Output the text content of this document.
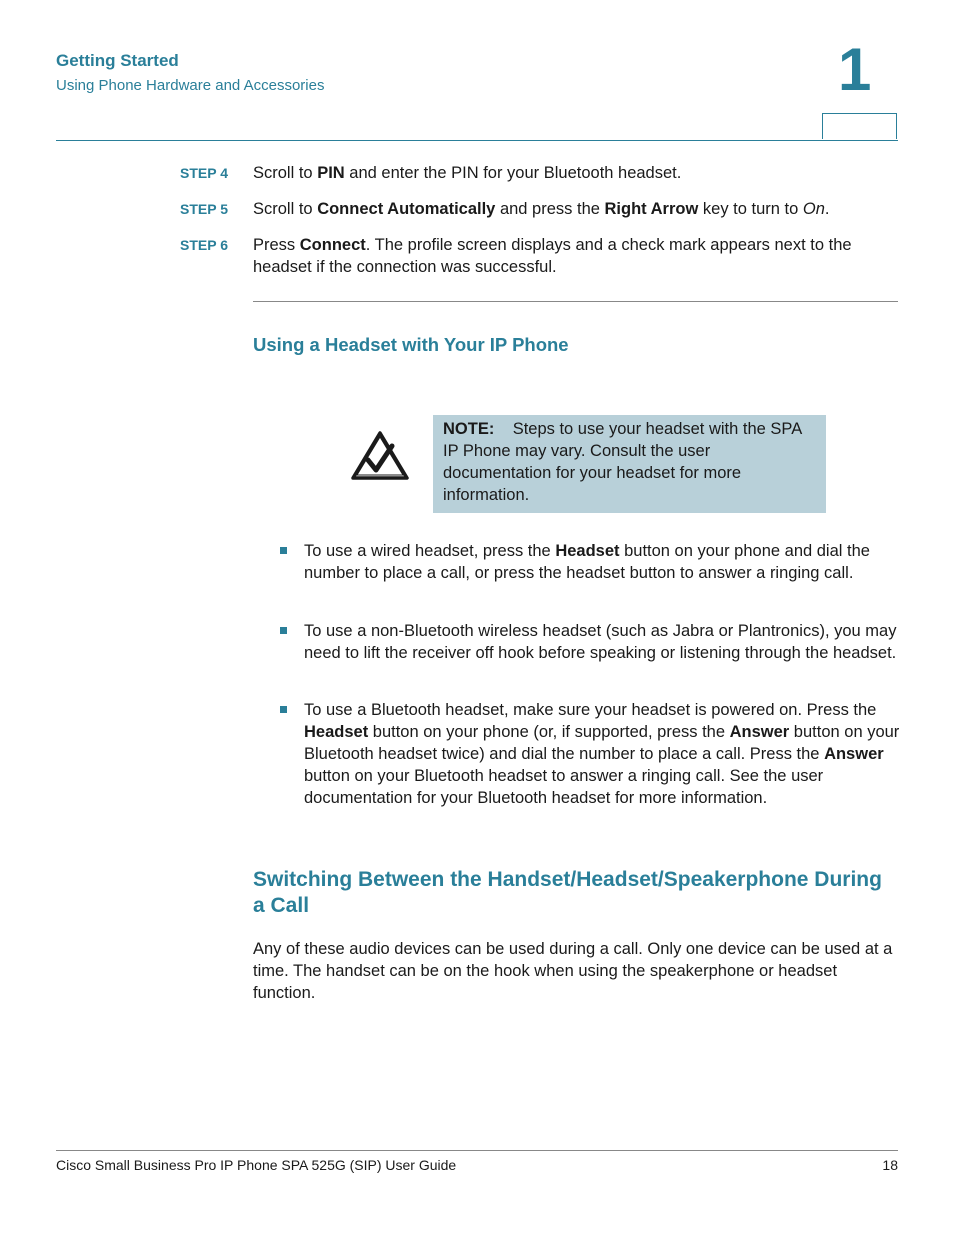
Getting Started
Using Phone Hardware and Accessories	1
STEP 4 Scroll to PIN and enter the PIN for your Bluetooth headset.
STEP 5 Scroll to Connect Automatically and press the Right Arrow key to turn to On.
STEP 6 Press Connect. The profile screen displays and a check mark appears next to the headset if the connection was successful.
Using a Headset with Your IP Phone
NOTE: Steps to use your headset with the SPA IP Phone may vary. Consult the user documentation for your headset for more information.
To use a wired headset, press the Headset button on your phone and dial the number to place a call, or press the headset button to answer a ringing call.
To use a non-Bluetooth wireless headset (such as Jabra or Plantronics), you may need to lift the receiver off hook before speaking or listening through the headset.
To use a Bluetooth headset, make sure your headset is powered on. Press the Headset button on your phone (or, if supported, press the Answer button on your Bluetooth headset twice) and dial the number to place a call. Press the Answer button on your Bluetooth headset to answer a ringing call. See the user documentation for your Bluetooth headset for more information.
Switching Between the Handset/Headset/Speakerphone During a Call
Any of these audio devices can be used during a call. Only one device can be used at a time. The handset can be on the hook when using the speakerphone or headset function.
Cisco Small Business Pro IP Phone SPA 525G (SIP) User Guide	18
